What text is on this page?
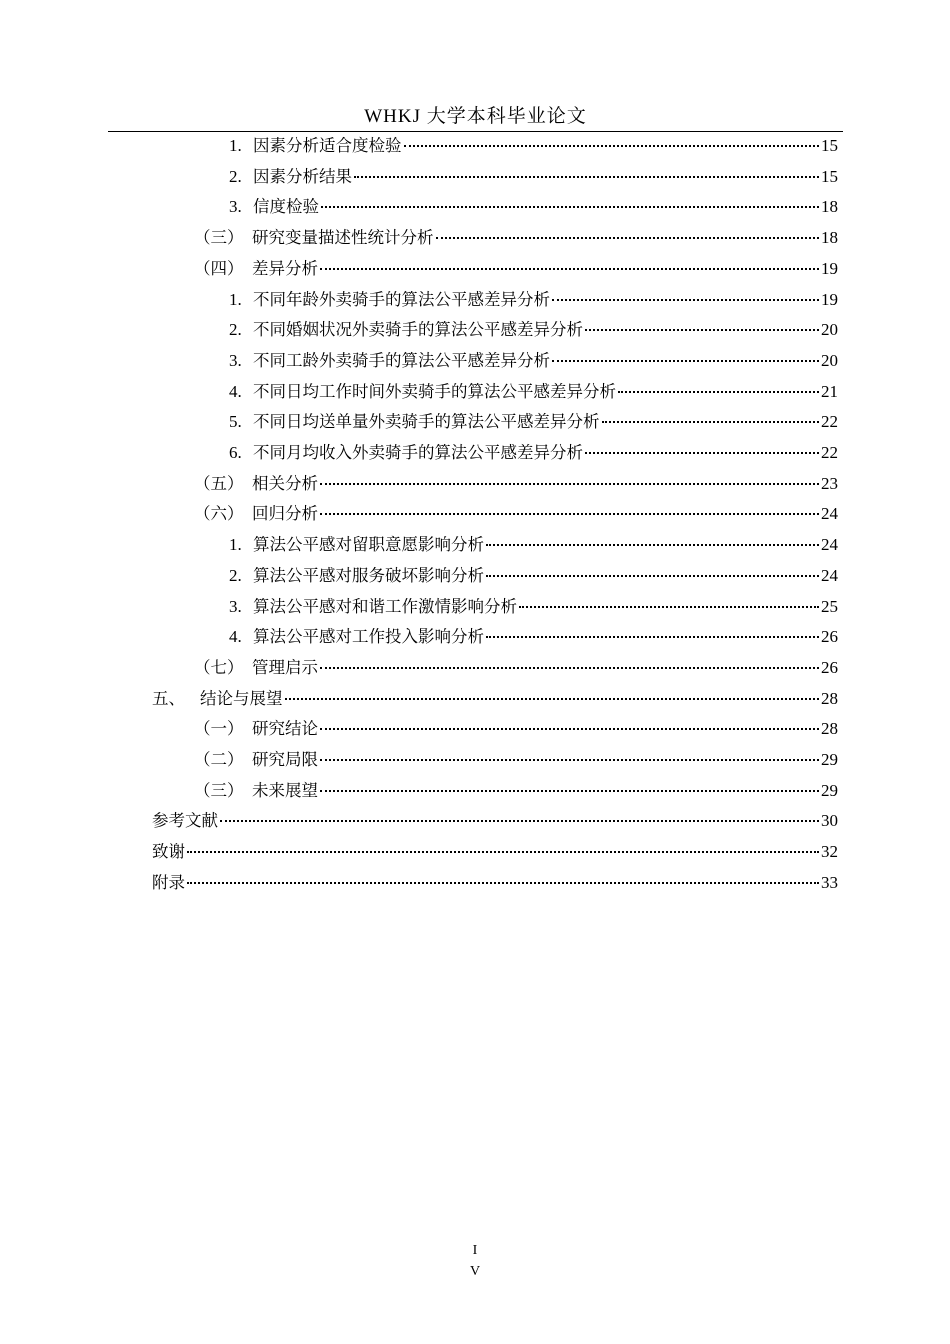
WHKJ 大学本科毕业论文
1. 因素分析适合度检验	15
2. 因素分析结果	15
3. 信度检验	18
（三） 研究变量描述性统计分析	18
（四） 差异分析	19
1. 不同年龄外卖骑手的算法公平感差异分析	19
2. 不同婚姻状况外卖骑手的算法公平感差异分析	20
3. 不同工龄外卖骑手的算法公平感差异分析	20
4. 不同日均工作时间外卖骑手的算法公平感差异分析	21
5. 不同日均送单量外卖骑手的算法公平感差异分析	22
6. 不同月均收入外卖骑手的算法公平感差异分析	22
（五） 相关分析	23
（六） 回归分析	24
1. 算法公平感对留职意愿影响分析	24
2. 算法公平感对服务破坏影响分析	24
3. 算法公平感对和谐工作激情影响分析	25
4. 算法公平感对工作投入影响分析	26
（七） 管理启示	26
五、 结论与展望	28
（一） 研究结论	28
（二） 研究局限	29
（三） 未来展望	29
参考文献	30
致谢	32
附录	33
I
V
